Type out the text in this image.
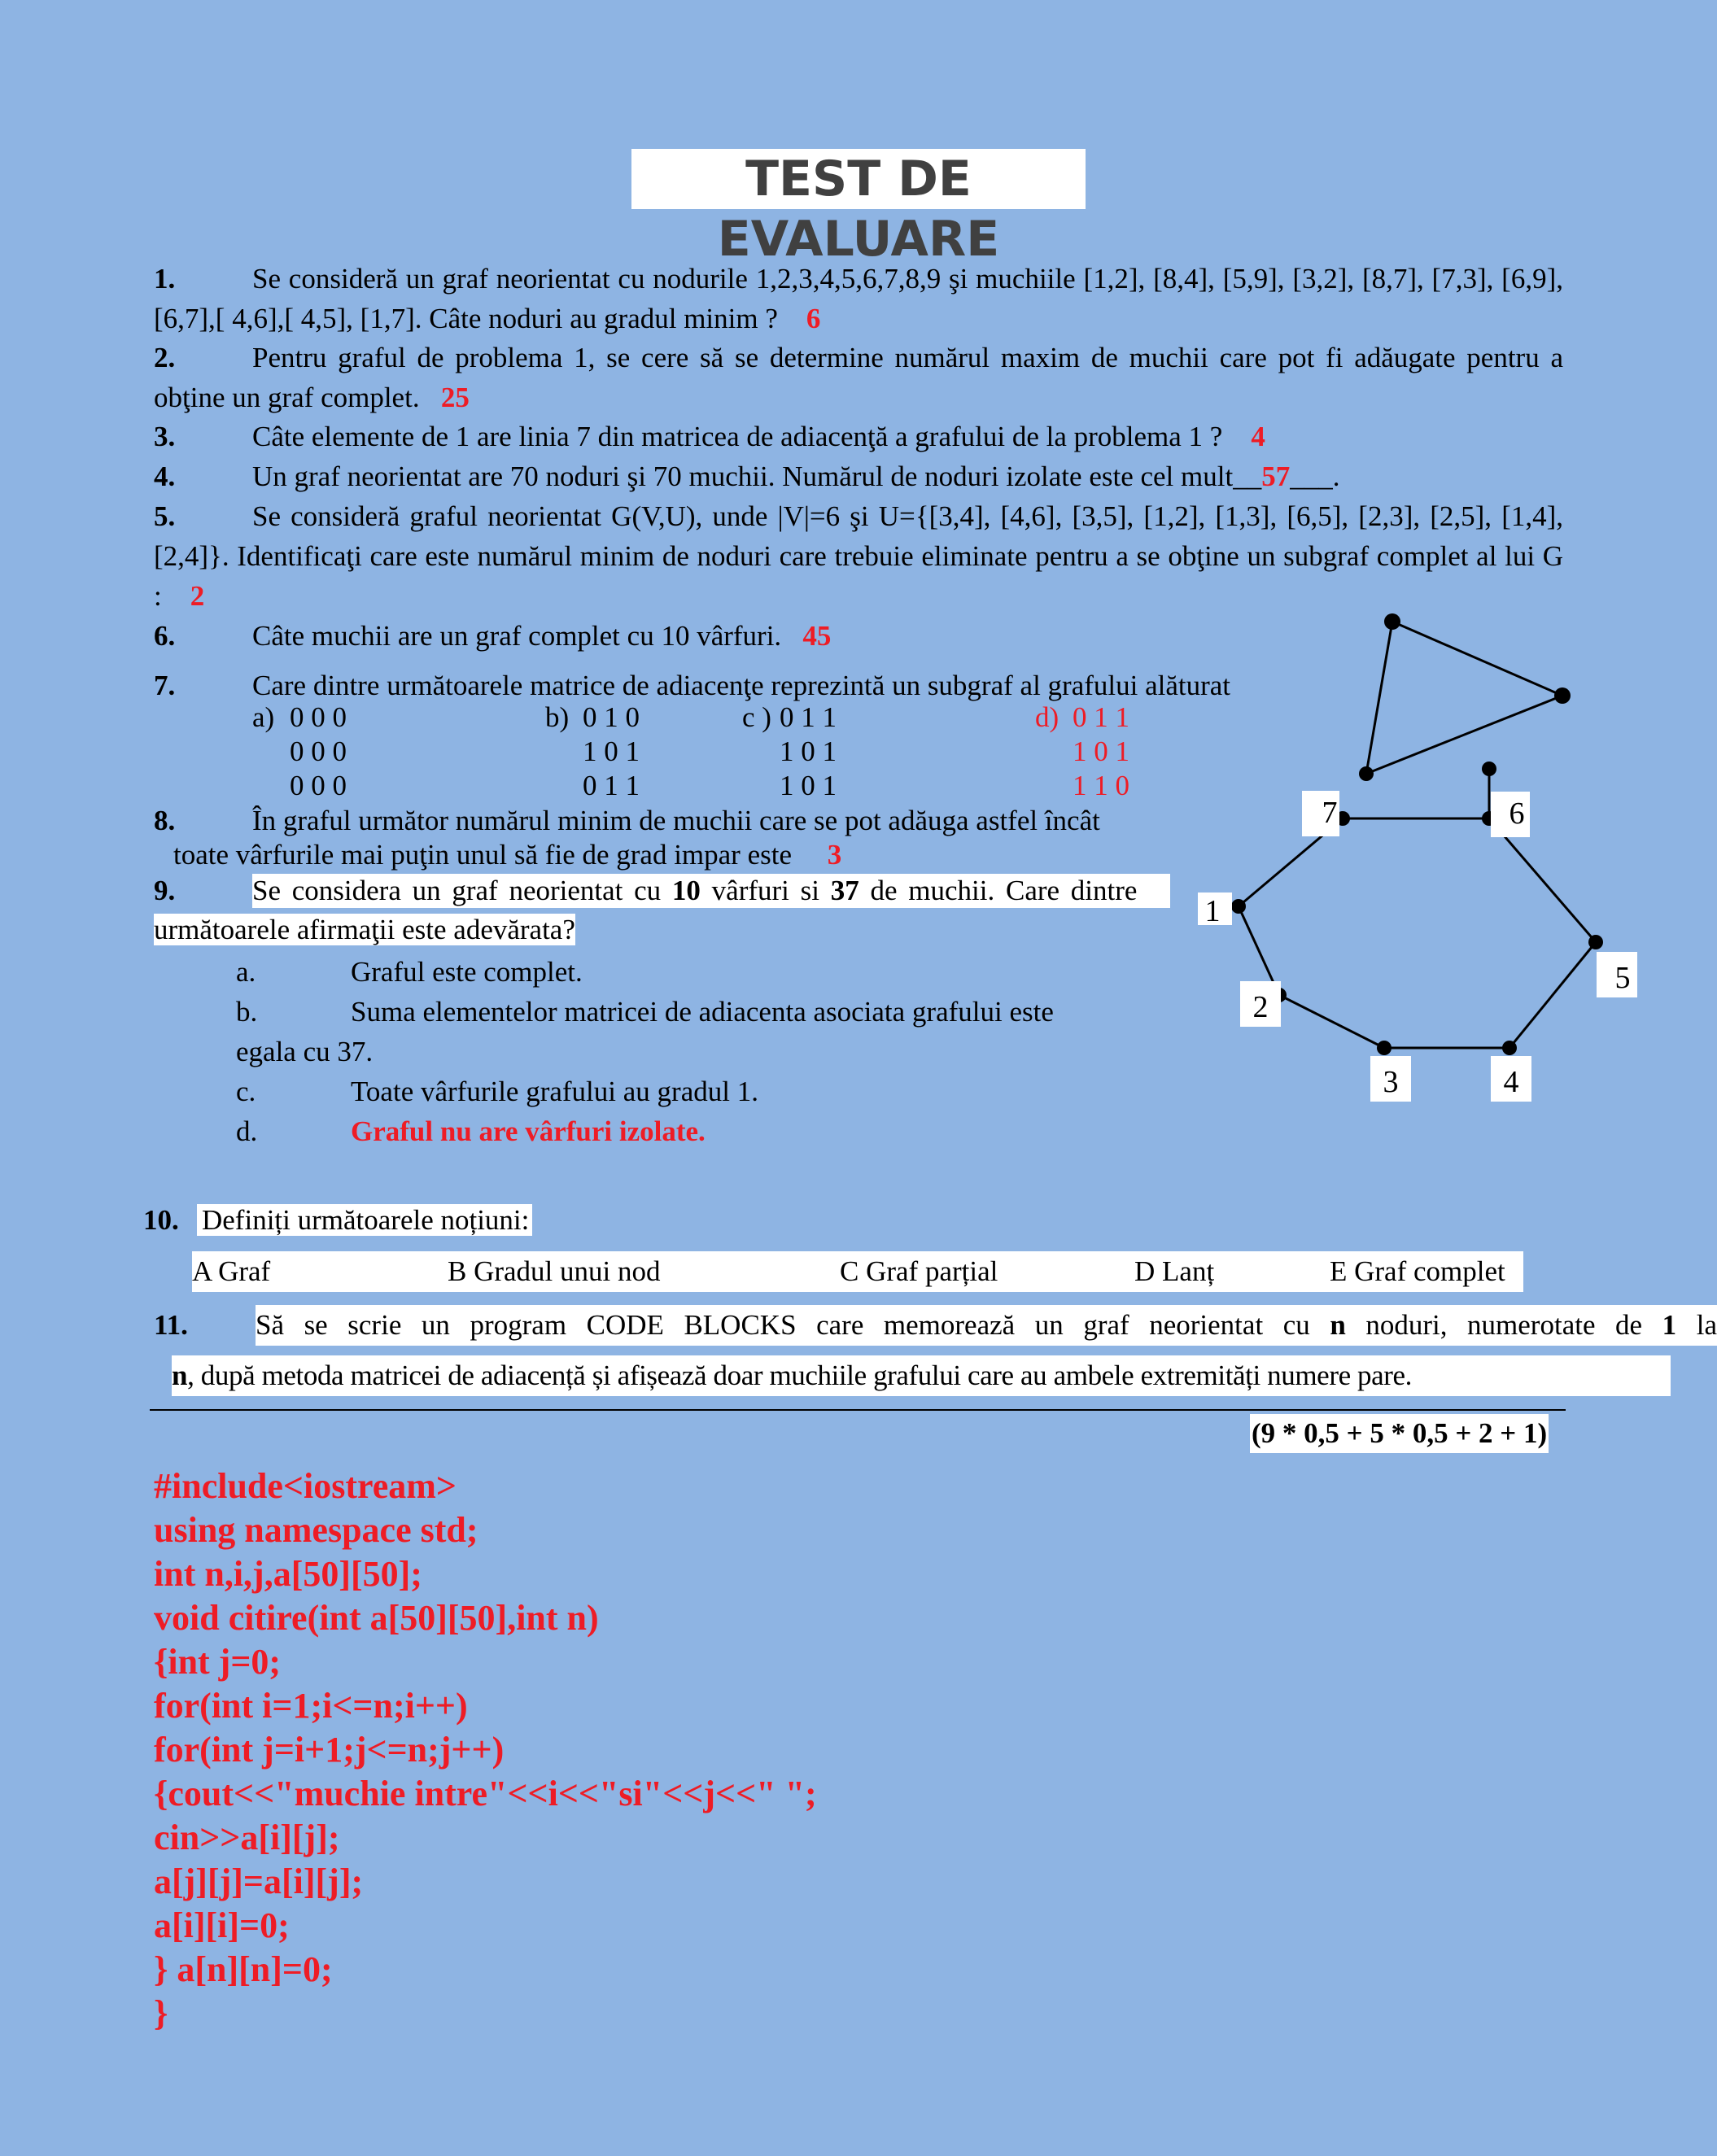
TEST DE EVALUARE
1.	Se consideră un graf neorientat cu nodurile 1,2,3,4,5,6,7,8,9 şi muchiile [1,2], [8,4], [5,9], [3,2], [8,7], [7,3], [6,9], [6,7],[ 4,6],[ 4,5], [1,7]. Câte noduri au gradul minim ? 6
2.	Pentru graful de problema 1, se cere să se determine numărul maxim de muchii care pot fi adăugate pentru a obţine un graf complet. 25
3.	Câte elemente de 1 are linia 7 din matricea de adiacenţă a grafului de la problema 1 ? 4
4.	Un graf neorientat are 70 noduri şi 70 muchii. Numărul de noduri izolate este cel mult__57___.
5.	Se consideră graful neorientat G(V,U), unde |V|=6 şi U={[3,4], [4,6], [3,5], [1,2], [1,3], [6,5], [2,3], [2,5], [1,4], [2,4]}. Identificaţi care este numărul minim de noduri care trebuie eliminate pentru a se obţine un subgraf complet al lui G : 2
6.	Câte muchii are un graf complet cu 10 vârfuri. 45
7.	Care dintre următoarele matrice de adiacenţe reprezintă un subgraf al grafului alăturat
a) 0 0 0
0 0 0
0 0 0
b) 0 1 0
1 0 1
0 1 1
c ) 0 1 1
1 0 1
1 0 1
d) 0 1 1
1 0 1
1 1 0
8.	În graful următor numărul minim de muchii care se pot adăuga astfel încât
toate vârfurile mai puţin unul să fie de grad impar este 3
9.	Se considera un graf neorientat cu 10 vârfuri si 37 de muchii. Care dintre
următoarele afirmaţii este adevărata?
a.	Graful este complet.
b.	Suma elementelor matricei de adiacenta asociata grafului este
egala cu 37.
c.	Toate vârfurile grafului au gradul 1.
d.	Graful nu are vârfuri izolate.
1
2
3	4
5
6
7
10. Definiți următoarele noțiuni:
A Graf	B Gradul unui nod	C Graf parțial	D Lanț	E Graf complet
11. Să se scrie un program CODE BLOCKS care memorează un graf neorientat cu n noduri, numerotate de 1 la
n, după metoda matricei de adiacență și afișează doar muchiile grafului care au ambele extremități numere pare.
(9 * 0,5 + 5 * 0,5 + 2 + 1)
#include<iostream>
using namespace std;
int n,i,j,a[50][50];
void citire(int a[50][50],int n)
{int j=0;
for(int i=1;i<=n;i++)
for(int j=i+1;j<=n;j++)
{cout<<"muchie intre"<<i<<"si"<<j<<" ";
cin>>a[i][j];
a[j][j]=a[i][j];
a[i][i]=0;
} a[n][n]=0;
}
